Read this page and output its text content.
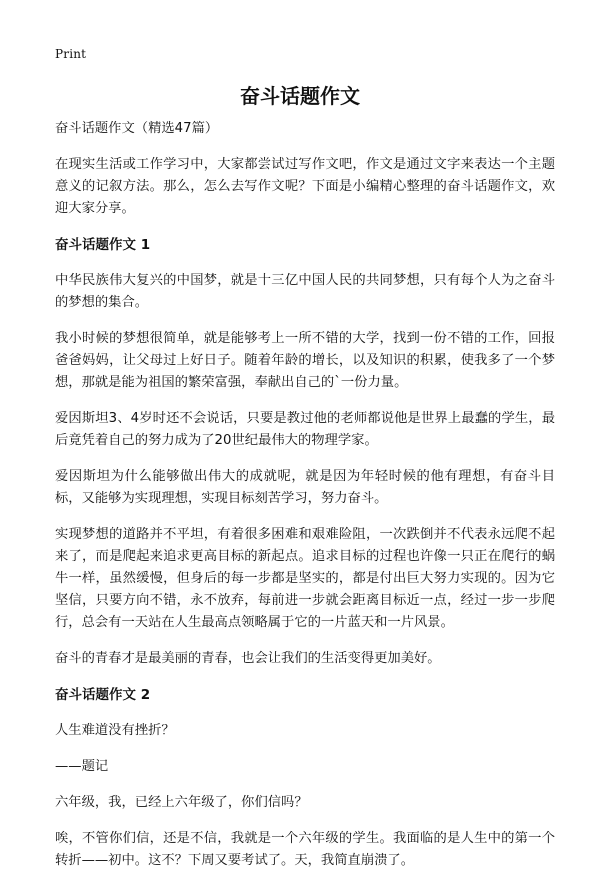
Print
奋斗话题作文

奋斗话题作文（精选47篇）

在现实生活或工作学习中，大家都尝试过写作文吧，作文是通过文字来表达一个主题意义的记叙方法。那么，怎么去写作文呢？下面是小编精心整理的奋斗话题作文，欢迎大家分享。

奋斗话题作文 1

中华民族伟大复兴的中国梦，就是十三亿中国人民的共同梦想，只有每个人为之奋斗的梦想的集合。

我小时候的梦想很简单，就是能够考上一所不错的大学，找到一份不错的工作，回报爸爸妈妈，让父母过上好日子。随着年龄的增长，以及知识的积累，使我多了一个梦想，那就是能为祖国的繁荣富强，奉献出自己的`一份力量。

爱因斯坦3、4岁时还不会说话，只要是教过他的老师都说他是世界上最蠢的学生，最后竟凭着自己的努力成为了20世纪最伟大的物理学家。

爱因斯坦为什么能够做出伟大的成就呢，就是因为年轻时候的他有理想，有奋斗目标，又能够为实现理想，实现目标刻苦学习，努力奋斗。

实现梦想的道路并不平坦，有着很多困难和艰难险阻，一次跌倒并不代表永远爬不起来了，而是爬起来追求更高目标的新起点。追求目标的过程也许像一只正在爬行的蜗牛一样，虽然缓慢，但身后的每一步都是坚实的，都是付出巨大努力实现的。因为它坚信，只要方向不错，永不放弃，每前进一步就会距离目标近一点，经过一步一步爬行，总会有一天站在人生最高点领略属于它的一片蓝天和一片风景。

奋斗的青春才是最美丽的青春，也会让我们的生活变得更加美好。

奋斗话题作文 2

人生难道没有挫折？

——题记

六年级，我，已经上六年级了，你们信吗？

唉，不管你们信，还是不信，我就是一个六年级的学生。我面临的是人生中的第一个转折——初中。这不？下周又要考试了。天，我简直崩溃了。
